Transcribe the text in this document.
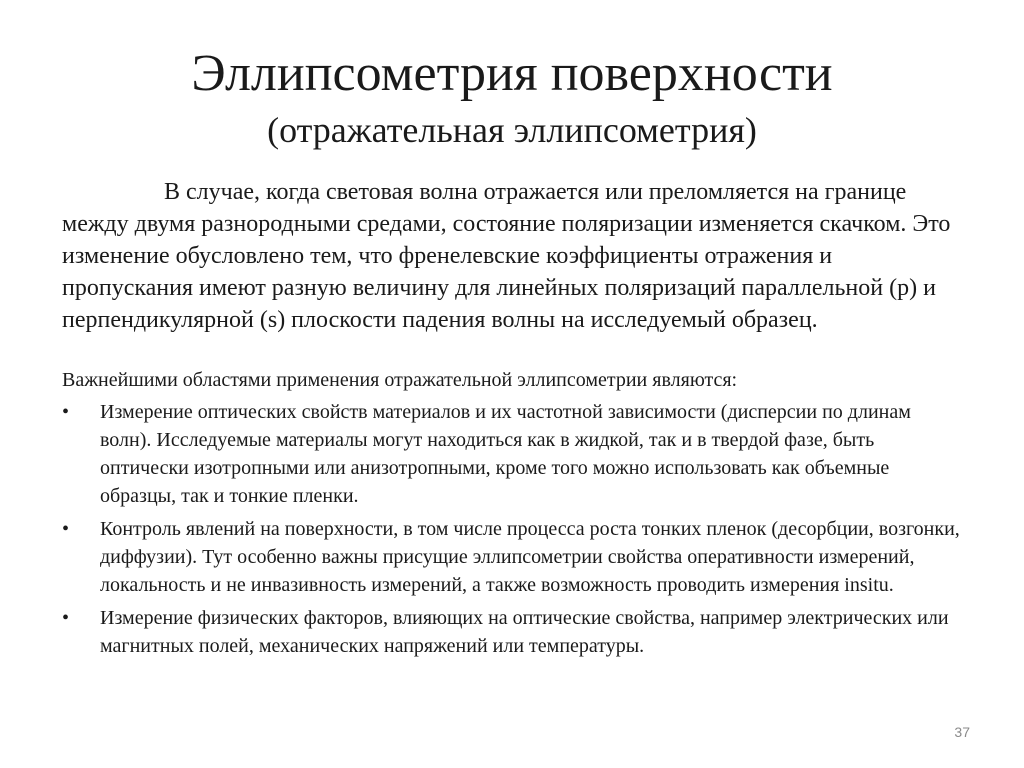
Эллипсометрия поверхности
(отражательная эллипсометрия)

В случае, когда световая волна отражается или преломляется на границе между двумя разнородными средами, состояние поляризации изменяется скачком. Это изменение обусловлено тем, что френелевские коэффициенты отражения и пропускания имеют разную величину для линейных поляризаций параллельной (p) и перпендикулярной (s) плоскости падения волны на исследуемый образец.

Важнейшими областями применения отражательной эллипсометрии являются:

•	Измерение оптических свойств материалов и их частотной зависимости (дисперсии по длинам волн). Исследуемые материалы могут находиться как в жидкой, так и в твердой фазе, быть оптически изотропными или анизотропными, кроме того можно использовать как объемные образцы, так и тонкие пленки.
•	Контроль явлений на поверхности, в том числе процесса роста тонких пленок (десорбции, возгонки, диффузии). Тут особенно важны присущие эллипсометрии свойства оперативности измерений, локальность и не инвазивность измерений, а также возможность проводить измерения insitu.
•	Измерение физических факторов, влияющих на оптические свойства, например электрических или магнитных полей, механических напряжений или температуры.
37
